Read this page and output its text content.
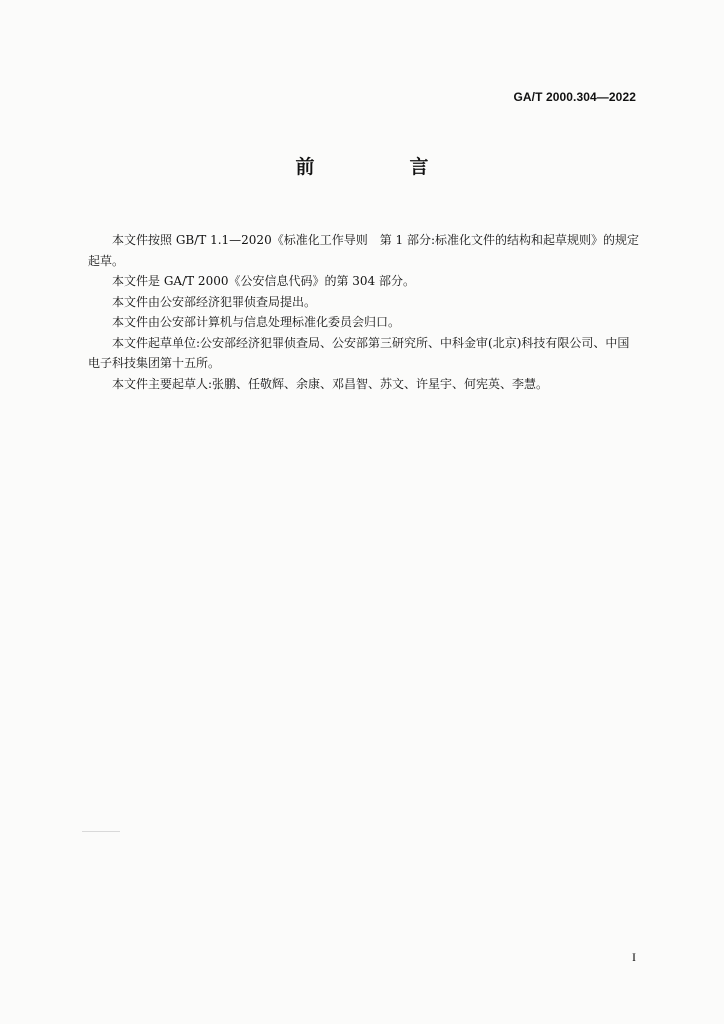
GA/T 2000.304—2022
前　言

本文件按照 GB/T 1.1—2020《标准化工作导则　第 1 部分:标准化文件的结构和起草规则》的规定起草。

本文件是 GA/T 2000《公安信息代码》的第 304 部分。

本文件由公安部经济犯罪侦查局提出。

本文件由公安部计算机与信息处理标准化委员会归口。

本文件起草单位:公安部经济犯罪侦查局、公安部第三研究所、中科金审(北京)科技有限公司、中国电子科技集团第十五所。

本文件主要起草人:张鹏、任敬辉、余康、邓昌智、苏文、许星宇、何宪英、李慧。

I
